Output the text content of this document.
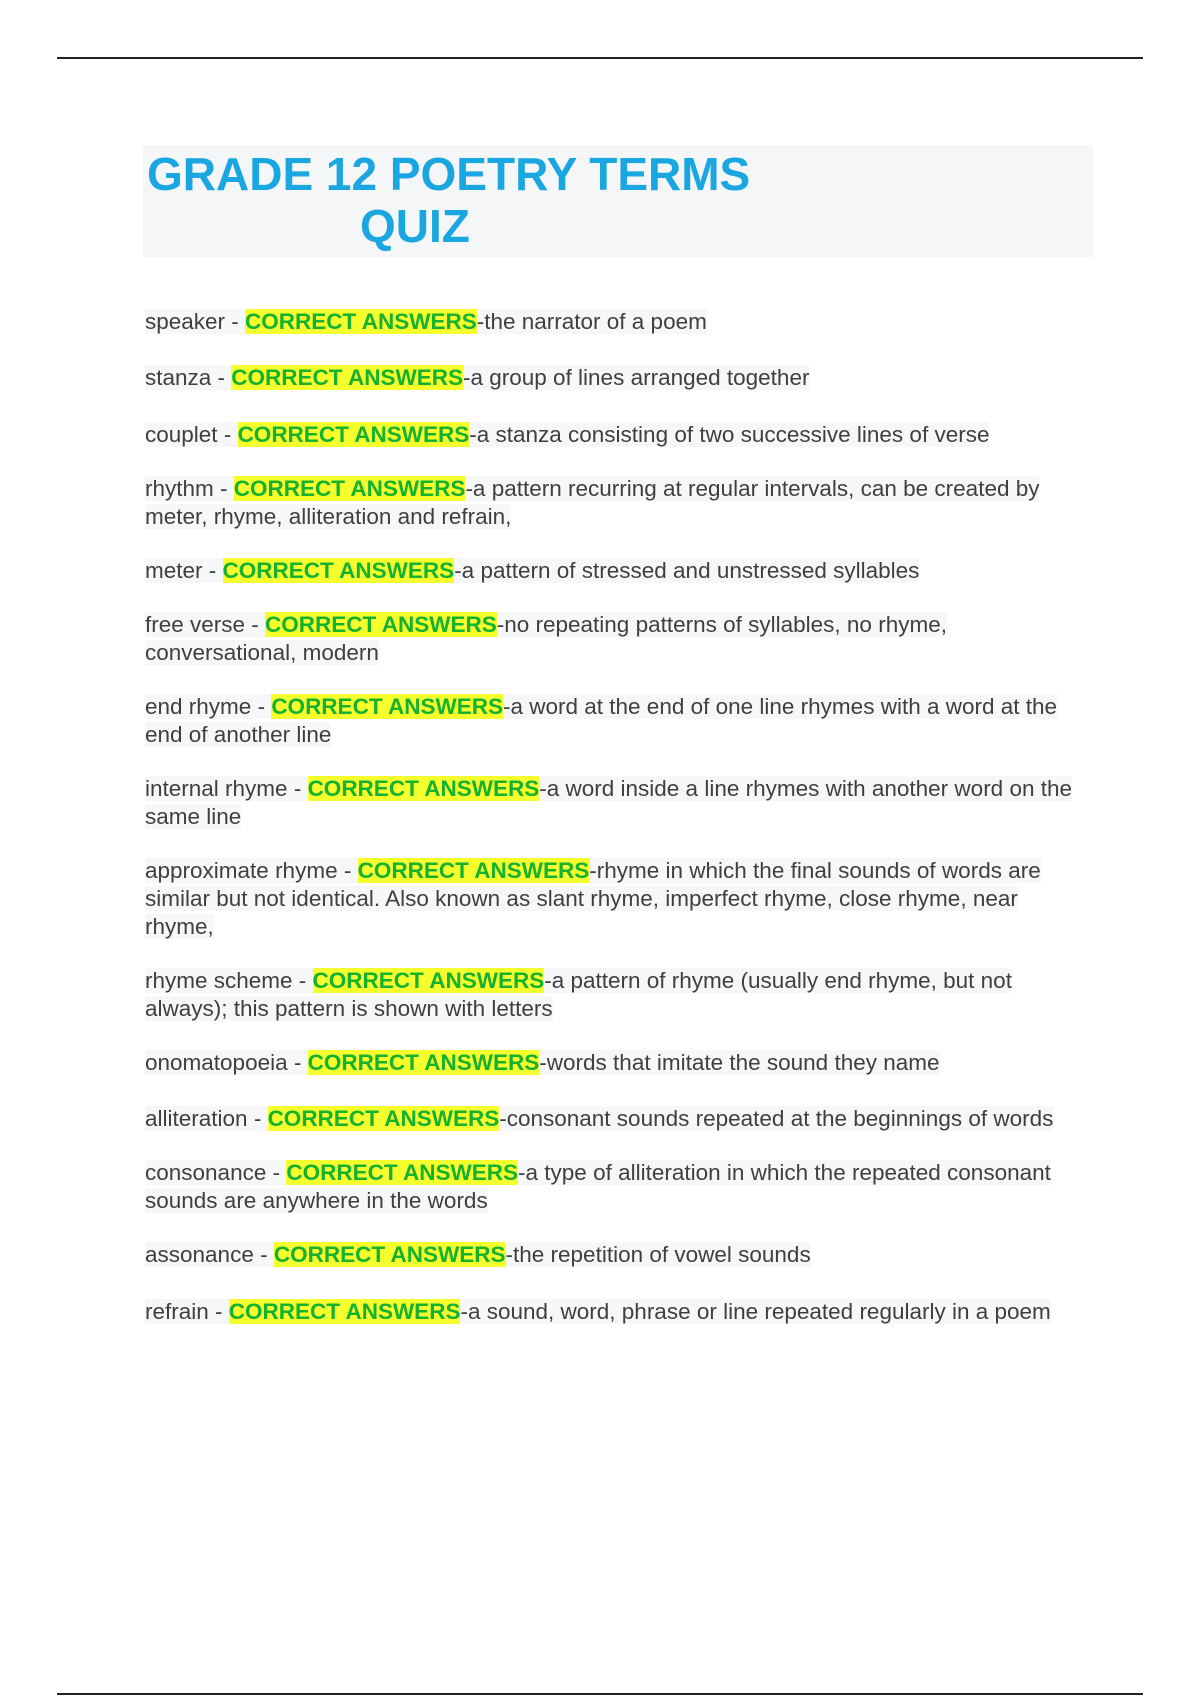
GRADE 12 POETRY TERMS
QUIZ

speaker - CORRECT ANSWERS-the narrator of a poem

stanza - CORRECT ANSWERS-a group of lines arranged together

couplet - CORRECT ANSWERS-a stanza consisting of two successive lines of verse

rhythm - CORRECT ANSWERS-a pattern recurring at regular intervals, can be created by meter, rhyme, alliteration and refrain,

meter - CORRECT ANSWERS-a pattern of stressed and unstressed syllables

free verse - CORRECT ANSWERS-no repeating patterns of syllables, no rhyme, conversational, modern

end rhyme - CORRECT ANSWERS-a word at the end of one line rhymes with a word at the end of another line

internal rhyme - CORRECT ANSWERS-a word inside a line rhymes with another word on the same line

approximate rhyme - CORRECT ANSWERS-rhyme in which the final sounds of words are similar but not identical. Also known as slant rhyme, imperfect rhyme, close rhyme, near rhyme,

rhyme scheme - CORRECT ANSWERS-a pattern of rhyme (usually end rhyme, but not always); this pattern is shown with letters

onomatopoeia - CORRECT ANSWERS-words that imitate the sound they name

alliteration - CORRECT ANSWERS-consonant sounds repeated at the beginnings of words

consonance - CORRECT ANSWERS-a type of alliteration in which the repeated consonant sounds are anywhere in the words

assonance - CORRECT ANSWERS-the repetition of vowel sounds

refrain - CORRECT ANSWERS-a sound, word, phrase or line repeated regularly in a poem
